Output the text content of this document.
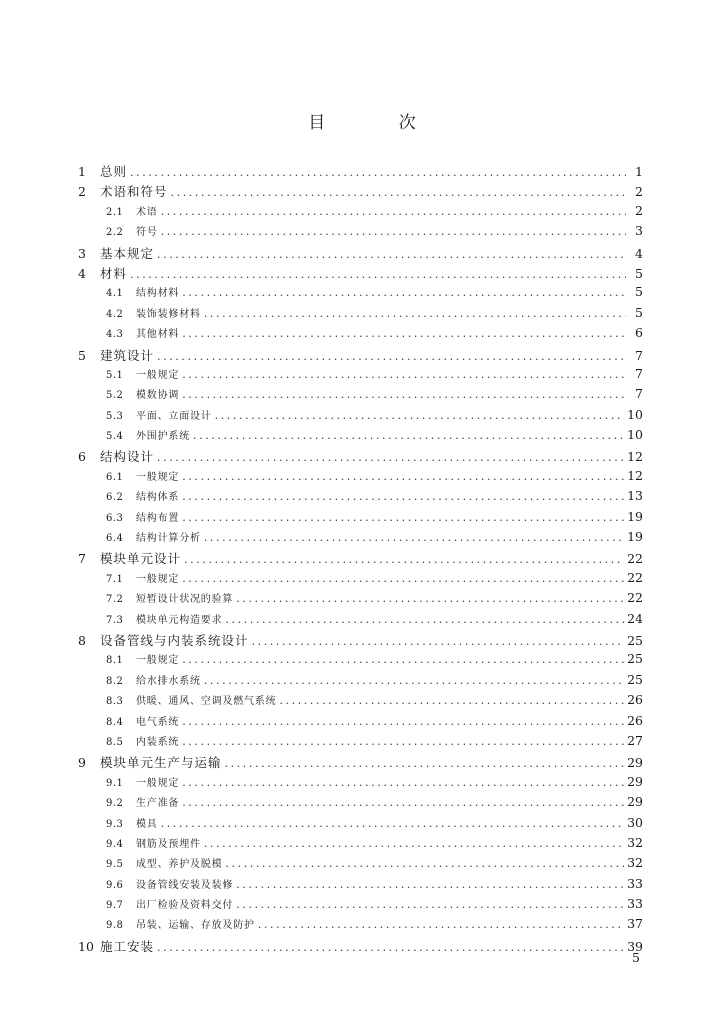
目 次
1	总则 .....	1
2	术语和符号 .....	2
2.1	术语 .....	2
2.2	符号 .....	3
3	基本规定 .....	4
4	材料 .....	5
4.1	结构材料 .....	5
4.2	装饰装修材料 .....	5
4.3	其他材料 .....	6
5	建筑设计 .....	7
5.1	一般规定 .....	7
5.2	模数协调 .....	7
5.3	平面、立面设计 .....	10
5.4	外围护系统 .....	10
6	结构设计 .....	12
6.1	一般规定 .....	12
6.2	结构体系 .....	13
6.3	结构布置 .....	19
6.4	结构计算分析 .....	19
7	模块单元设计 .....	22
7.1	一般规定 .....	22
7.2	短暂设计状况的验算 .....	22
7.3	模块单元构造要求 .....	24
8	设备管线与内装系统设计 .....	25
8.1	一般规定 .....	25
8.2	给水排水系统 .....	25
8.3	供暖、通风、空调及燃气系统 .....	26
8.4	电气系统 .....	26
8.5	内装系统 .....	27
9	模块单元生产与运输 .....	29
9.1	一般规定 .....	29
9.2	生产准备 .....	29
9.3	模具 .....	30
9.4	钢筋及预埋件 .....	32
9.5	成型、养护及脱模 .....	32
9.6	设备管线安装及装修 .....	33
9.7	出厂检验及资料交付 .....	33
9.8	吊装、运输、存放及防护 .....	37
10 施工安装 .....	39
5
